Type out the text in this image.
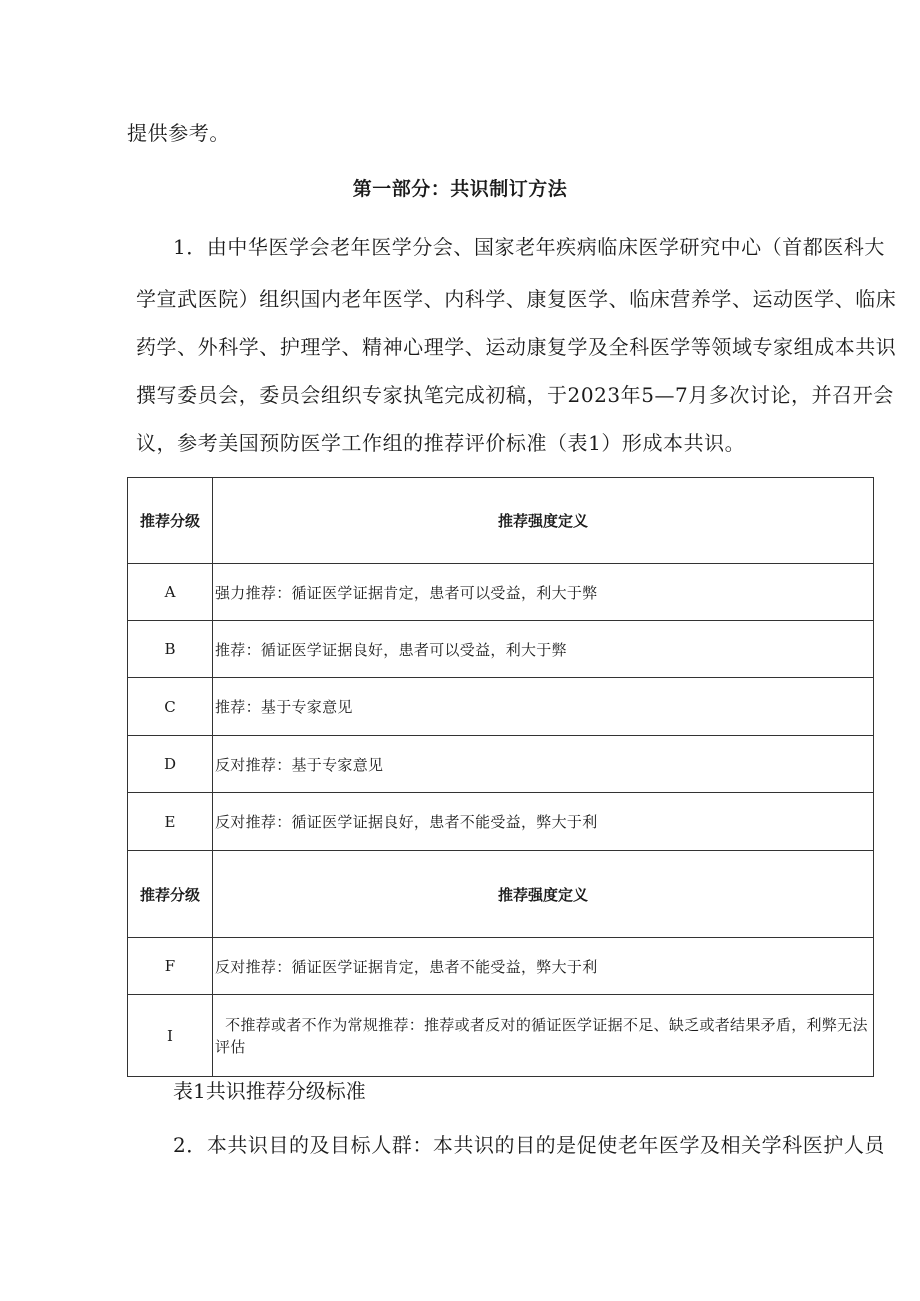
提供参考。
第一部分：共识制订方法
1．由中华医学会老年医学分会、国家老年疾病临床医学研究中心（首都医科大
学宣武医院）组织国内老年医学、内科学、康复医学、临床营养学、运动医学、临床
药学、外科学、护理学、精神心理学、运动康复学及全科医学等领域专家组成本共识
撰写委员会，委员会组织专家执笔完成初稿，于2023年5—7月多次讨论，并召开会
议，参考美国预防医学工作组的推荐评价标准（表1）形成本共识。
推荐分级	推荐强度定义
A	强力推荐：循证医学证据肯定，患者可以受益，利大于弊
B	推荐：循证医学证据良好，患者可以受益，利大于弊
C	推荐：基于专家意见
D	反对推荐：基于专家意见
E	反对推荐：循证医学证据良好，患者不能受益，弊大于利
推荐分级	推荐强度定义
F	反对推荐：循证医学证据肯定，患者不能受益，弊大于利
I	不推荐或者不作为常规推荐：推荐或者反对的循证医学证据不足、缺乏或者结果矛盾，利弊无法评估
表1共识推荐分级标准
2．本共识目的及目标人群：本共识的目的是促使老年医学及相关学科医护人员
